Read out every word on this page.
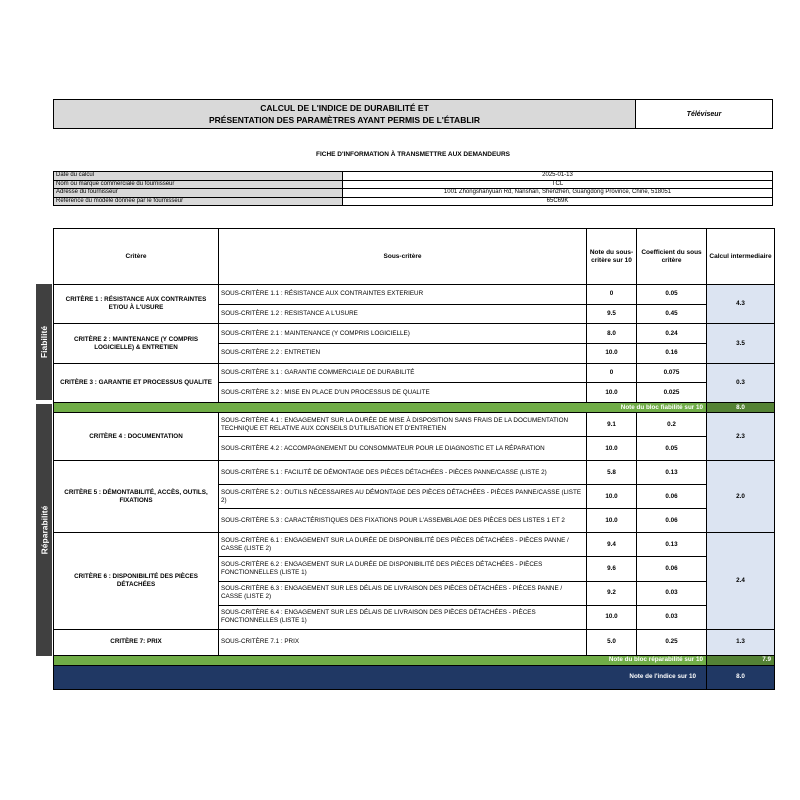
CALCUL DE L'INDICE DE DURABILITÉ ET
PRÉSENTATION DES PARAMÈTRES AYANT PERMIS DE L'ÉTABLIR
Téléviseur
FICHE D'INFORMATION À TRANSMETTRE AUX DEMANDEURS
Date du calcul	2025-01-13
Nom ou marque commerciale du fournisseur	TCL
Adresse du fournisseur	1001 Zhongshanyuan Rd, Nanshan, Shenzhen, Guangdong Province, Chine, 518051
Référence du modèle donnée par le fournisseur	65C69K
Fiabilité
Réparabilité
Critère	Sous-critère	Note du sous-critère sur 10	Coefficient du sous critère	Calcul intermediaire
CRITÈRE 1 : RÉSISTANCE AUX CONTRAINTES ET/OU À L'USURE	SOUS-CRITÈRE 1.1 : RÉSISTANCE AUX CONTRAINTES EXTERIEUR	0	0.05	4.3
	SOUS-CRITÈRE 1.2 : RESISTANCE A L'USURE	9.5	0.45	
CRITÈRE 2 : MAINTENANCE (Y COMPRIS LOGICIELLE) & ENTRETIEN	SOUS-CRITÈRE 2.1 : MAINTENANCE (Y COMPRIS LOGICIELLE)	8.0	0.24	3.5
	SOUS-CRITÈRE 2.2 : ENTRETIEN	10.0	0.16	
CRITÈRE 3 : GARANTIE ET PROCESSUS QUALITE	SOUS-CRITÈRE 3.1 : GARANTIE COMMERCIALE DE DURABILITÉ	0	0.075	0.3
	SOUS-CRITÈRE 3.2 : MISE EN PLACE D'UN PROCESSUS DE QUALITE	10.0	0.025	
Note du bloc fiabilité sur 10				8.0
CRITÈRE 4 : DOCUMENTATION	SOUS-CRITÈRE 4.1 : ENGAGEMENT SUR LA DURÉE DE MISE À DISPOSITION SANS FRAIS DE LA DOCUMENTATION TECHNIQUE ET RELATIVE AUX CONSEILS D'UTILISATION ET D'ENTRETIEN	9.1	0.2	2.3
	SOUS-CRITÈRE 4.2 : ACCOMPAGNEMENT DU CONSOMMATEUR POUR LE DIAGNOSTIC ET LA RÉPARATION	10.0	0.05	
CRITÈRE 5 : DÉMONTABILITÉ, ACCÈS, OUTILS, FIXATIONS	SOUS-CRITÈRE 5.1 : FACILITÉ DE DÉMONTAGE DES PIÈCES DÉTACHÉES - PIÈCES PANNE/CASSE (LISTE 2)	5.8	0.13	2.0
	SOUS-CRITÈRE 5.2 : OUTILS NÉCESSAIRES AU DÉMONTAGE DES PIÈCES DÉTACHÉES - PIÈCES PANNE/CASSE (LISTE 2)	10.0	0.06	
	SOUS-CRITÈRE 5.3 : CARACTÉRISTIQUES DES FIXATIONS POUR L'ASSEMBLAGE DES PIÈCES DES LISTES 1 ET 2	10.0	0.06	
CRITÈRE 6 : DISPONIBILITÉ DES PIÈCES DÉTACHÉES	SOUS-CRITÈRE 6.1 : ENGAGEMENT SUR LA DURÉE DE DISPONIBILITÉ DES PIÈCES DÉTACHÉES - PIÈCES PANNE / CASSE (LISTE 2)	9.4	0.13	2.4
	SOUS-CRITÈRE 6.2 : ENGAGEMENT SUR LA DURÉE DE DISPONIBILITÉ DES PIÈCES DÉTACHÉES - PIÈCES FONCTIONNELLES (LISTE 1)	9.6	0.06	
	SOUS-CRITÈRE 6.3 : ENGAGEMENT SUR LES DÉLAIS DE LIVRAISON DES PIÈCES DÉTACHÉES - PIÈCES PANNE / CASSE (LISTE 2)	9.2	0.03	
	SOUS-CRITÈRE 6.4 : ENGAGEMENT SUR LES DÉLAIS DE LIVRAISON DES PIÈCES DÉTACHÉES - PIÈCES FONCTIONNELLES (LISTE 1)	10.0	0.03	
CRITÈRE 7: PRIX	SOUS-CRITÈRE 7.1 : PRIX	5.0	0.25	1.3
Note du bloc réparabilité sur 10				7.9
Note de l'indice sur 10				8.0
